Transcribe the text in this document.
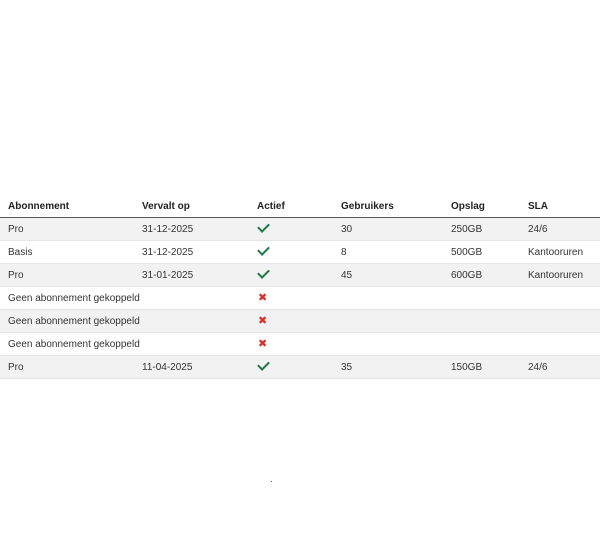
Abonnement	Vervalt op	Actief	Gebruikers	Opslag	SLA
Pro	31-12-2025		30	250GB	24/6
Basis	31-12-2025		8	500GB	Kantooruren
Pro	31-01-2025		45	600GB	Kantooruren
Geen abonnement gekoppeld		✖			
Geen abonnement gekoppeld		✖			
Geen abonnement gekoppeld		✖			
Pro	11-04-2025		35	150GB	24/6
